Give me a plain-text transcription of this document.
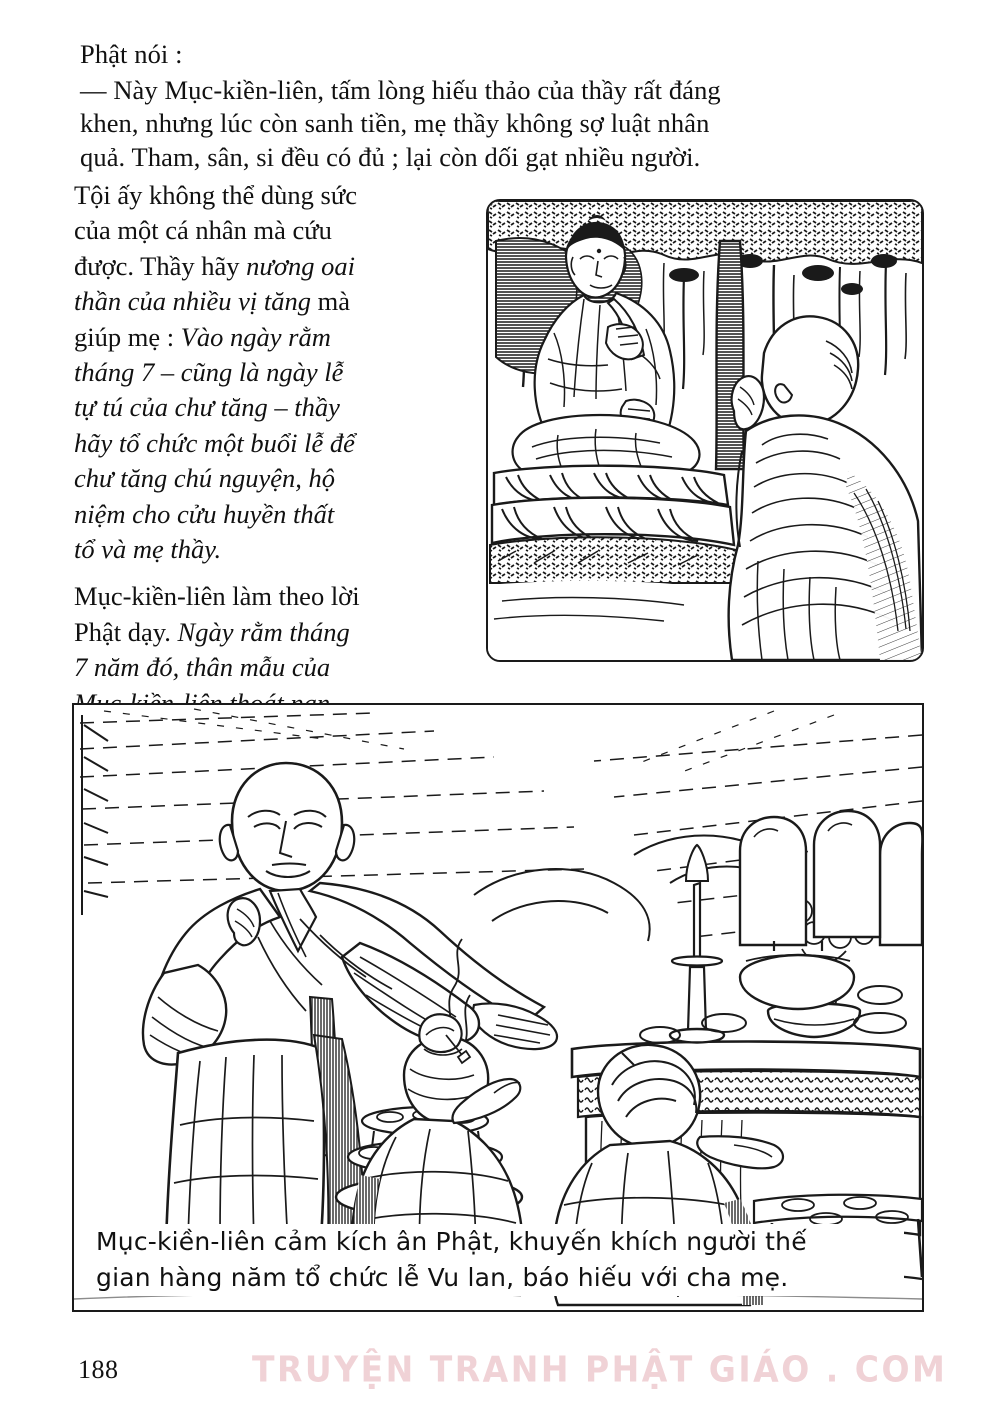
Phật nói :
— Này Mục-kiền-liên, tấm lòng hiếu thảo của thầy rất đáng
khen, nhưng lúc còn sanh tiền, mẹ thầy không sợ luật nhân
quả. Tham, sân, si đều có đủ ; lại còn dối gạt nhiều người.
Tội ấy không thể dùng sức
của một cá nhân mà cứu
được. Thầy hãy nương oai
thần của nhiều vị tăng mà
giúp mẹ : Vào ngày rằm
tháng 7 – cũng là ngày lễ
tự tú của chư tăng – thầy
hãy tổ chức một buổi lễ để
chư tăng chú nguyện, hộ
niệm cho cửu huyền thất
tổ và mẹ thầy.
Mục-kiền-liên làm theo lời
Phật dạy. Ngày rằm tháng
7 năm đó, thân mẫu của
Mục-kiền-liên cảm kích ân Phật, khuyến khích người thế
gian hàng năm tổ chức lễ Vu lan, báo hiếu với cha mẹ.
188	TRUYỆN TRANH PHẬT GIÁO . COM
